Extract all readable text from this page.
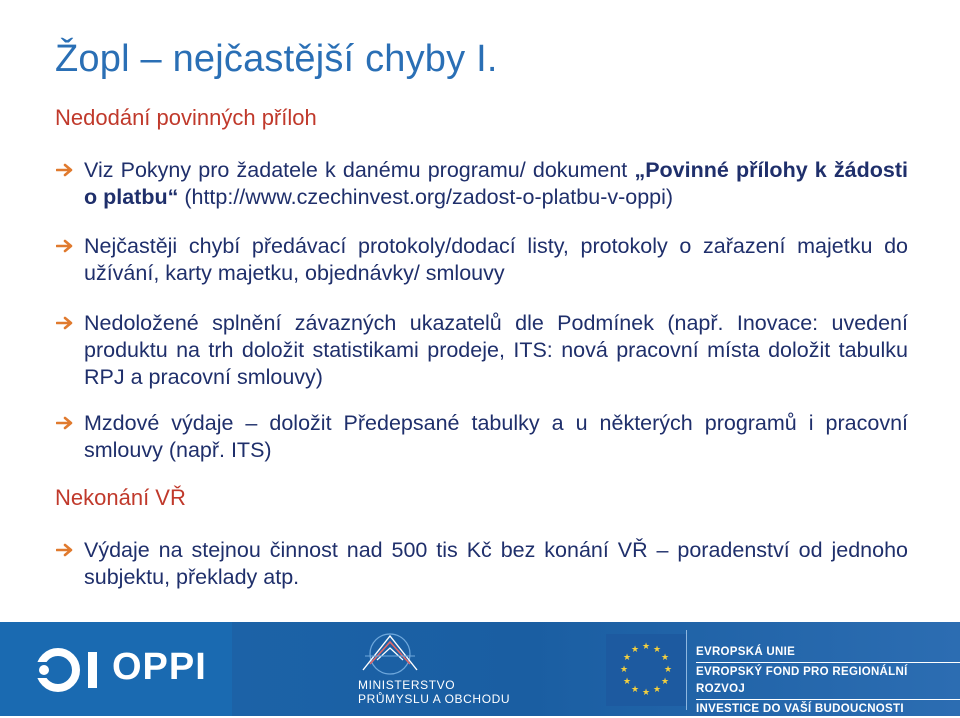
Žopl – nejčastější chyby I.
Nedodání povinných příloh
Viz Pokyny pro žadatele k danému programu/ dokument „Povinné přílohy k žádosti o platbu“ (http://www.czechinvest.org/zadost-o-platbu-v-oppi)
Nejčastěji chybí předávací protokoly/dodací listy, protokoly o zařazení majetku do užívání, karty majetku, objednávky/ smlouvy
Nedoložené splnění závazných ukazatelů dle Podmínek (např. Inovace: uvedení produktu na trh doložit statistikami prodeje, ITS: nová pracovní místa doložit tabulku RPJ a pracovní smlouvy)
Mzdové výdaje – doložit Předepsané tabulky a u některých programů i pracovní smlouvy (např. ITS)
Nekonání VŘ
Výdaje na stejnou činnost nad 500 tis Kč bez konání VŘ – poradenství od jednoho subjektu, překlady atp.
OPPI	MINISTERSTVO
PRŮMYSLU A OBCHODU
★ ★
★
★
★
★
★
★
★
★
★
★	EVROPSKÁ UNIE
EVROPSKÝ FOND PRO REGIONÁLNÍ ROZVOJ
INVESTICE DO VAŠÍ BUDOUCNOSTI
